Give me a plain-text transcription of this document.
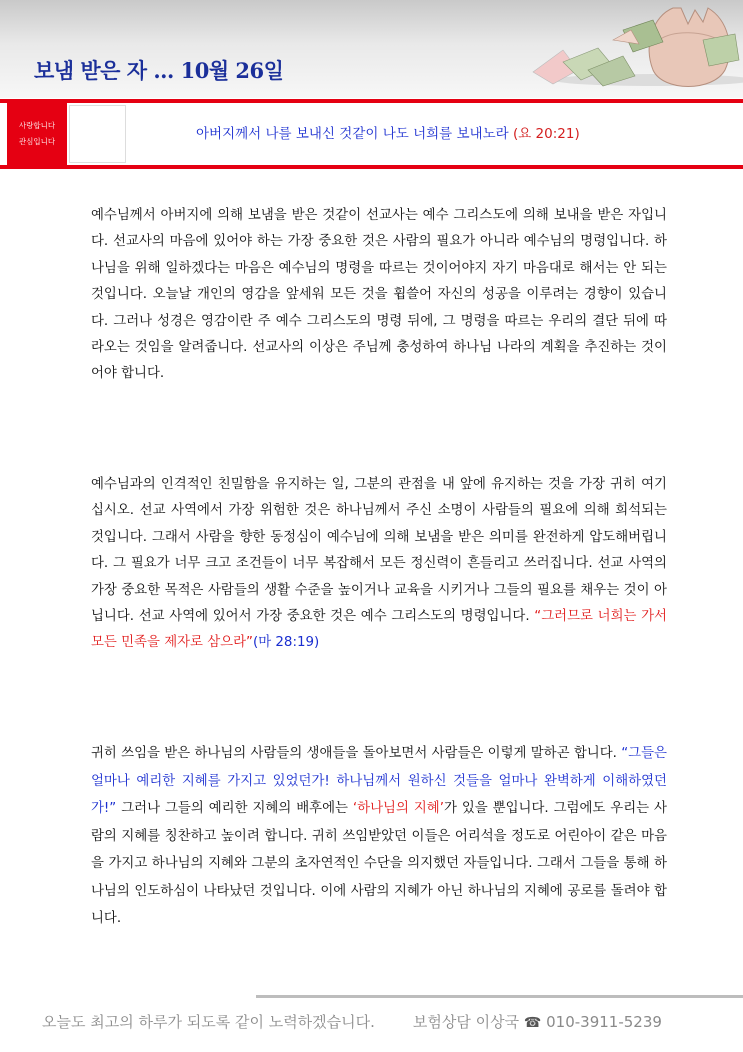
보냄 받은 자 ... 10월 26일
사랑합니다
관심입니다	아버지께서 나를 보내신 것같이 나도 너희를 보내노라 (요 20:21)

예수님께서 아버지에 의해 보냄을 받은 것같이 선교사는 예수 그리스도에 의해 보내을 받은 자입니다. 선교사의 마음에 있어야 하는 가장 중요한 것은 사람의 필요가 아니라 예수님의 명령입니다. 하나님을 위해 일하겠다는 마음은 예수님의 명령을 따르는 것이어야지 자기 마음대로 해서는 안 되는 것입니다. 오늘날 개인의 영감을 앞세워 모든 것을 휩쓸어 자신의 성공을 이루려는 경향이 있습니다. 그러나 성경은 영감이란 주 예수 그리스도의 명령 뒤에, 그 명령을 따르는 우리의 결단 뒤에 따라오는 것임을 알려줍니다. 선교사의 이상은 주님께 충성하여 하나님 나라의 계획을 추진하는 것이어야 합니다.

예수님과의 인격적인 친밀함을 유지하는 일, 그분의 관점을 내 앞에 유지하는 것을 가장 귀히 여기십시오. 선교 사역에서 가장 위험한 것은 하나님께서 주신 소명이 사람들의 필요에 의해 희석되는 것입니다. 그래서 사람을 향한 동정심이 예수님에 의해 보냄을 받은 의미를 완전하게 압도해버립니다. 그 필요가 너무 크고 조건들이 너무 복잡해서 모든 정신력이 흔들리고 쓰러집니다. 선교 사역의 가장 중요한 목적은 사람들의 생활 수준을 높이거나 교육을 시키거나 그들의 필요를 채우는 것이 아닙니다. 선교 사역에 있어서 가장 중요한 것은 예수 그리스도의 명령입니다. “그러므로 너희는 가서 모든 민족을 제자로 삼으라”(마 28:19)

귀히 쓰임을 받은 하나님의 사람들의 생애들을 돌아보면서 사람들은 이렇게 말하곤 합니다. “그들은 얼마나 예리한 지혜를 가지고 있었던가! 하나님께서 원하신 것들을 얼마나 완벽하게 이해하였던가!” 그러나 그들의 예리한 지혜의 배후에는 ‘하나님의 지혜’가 있을 뿐입니다. 그럼에도 우리는 사람의 지혜를 칭찬하고 높이려 합니다. 귀히 쓰임받았던 이들은 어리석을 정도로 어린아이 같은 마음을 가지고 하나님의 지혜와 그분의 초자연적인 수단을 의지했던 자들입니다. 그래서 그들을 통해 하나님의 인도하심이 나타났던 것입니다. 이에 사람의 지혜가 아닌 하나님의 지혜에 공로를 돌려야 합니다.

오늘도 최고의 하루가 되도록 같이 노력하겠습니다.	보험상담 이상국 ☎ 010-3911-5239
